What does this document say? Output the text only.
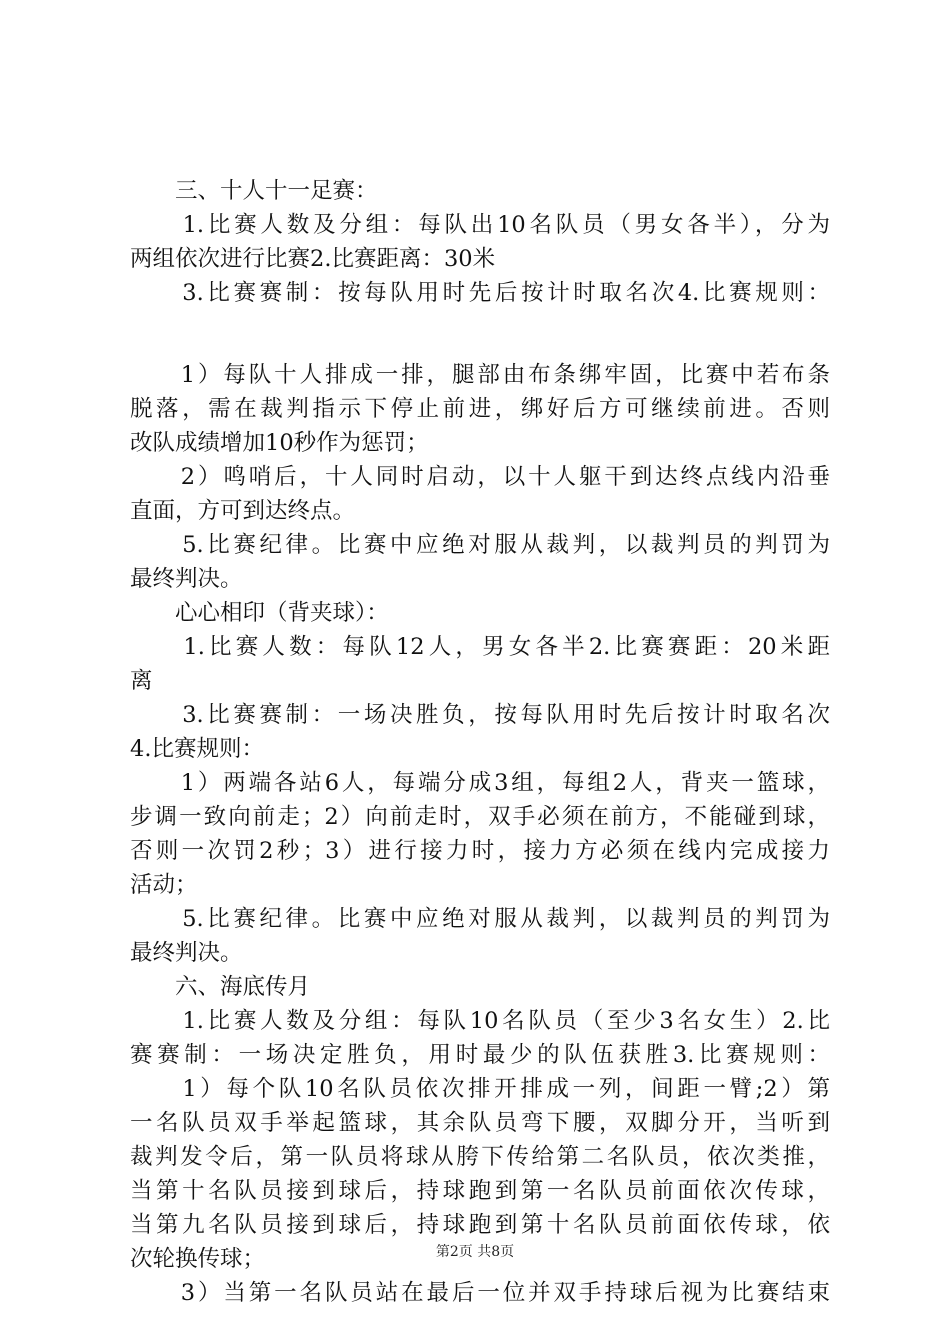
　　三、十人十一足赛：
　　1.比赛人数及分组：每队出10名队员（男女各半），分为
两组依次进行比赛2.比赛距离：30米
　　3.比赛赛制：按每队用时先后按计时取名次4.比赛规则：
　　1）每队十人排成一排，腿部由布条绑牢固，比赛中若布条
脱落，需在裁判指示下停止前进，绑好后方可继续前进。否则
改队成绩增加10秒作为惩罚；
　　2）鸣哨后，十人同时启动，以十人躯干到达终点线内沿垂
直面，方可到达终点。
　　5.比赛纪律。比赛中应绝对服从裁判，以裁判员的判罚为
最终判决。
　　心心相印（背夹球）：
　　1.比赛人数：每队12人，男女各半2.比赛赛距：20米距
离
　　3.比赛赛制：一场决胜负，按每队用时先后按计时取名次
4.比赛规则：
　　1）两端各站6人，每端分成3组，每组2人，背夹一篮球，
步调一致向前走；2）向前走时，双手必须在前方，不能碰到球，
否则一次罚2秒；3）进行接力时，接力方必须在线内完成接力
活动；
　　5.比赛纪律。比赛中应绝对服从裁判，以裁判员的判罚为
最终判决。
　　六、海底传月
　　1.比赛人数及分组：每队10名队员（至少3名女生）2.比
赛赛制：一场决定胜负，用时最少的队伍获胜3.比赛规则：
　　1）每个队10名队员依次排开排成一列，间距一臂;2）第
一名队员双手举起篮球，其余队员弯下腰，双脚分开，当听到
裁判发令后，第一队员将球从胯下传给第二名队员，依次类推，
当第十名队员接到球后，持球跑到第一名队员前面依次传球，
当第九名队员接到球后，持球跑到第十名队员前面依传球，依
次轮换传球；
　　3）当第一名队员站在最后一位并双手持球后视为比赛结束
第2页 共8页
